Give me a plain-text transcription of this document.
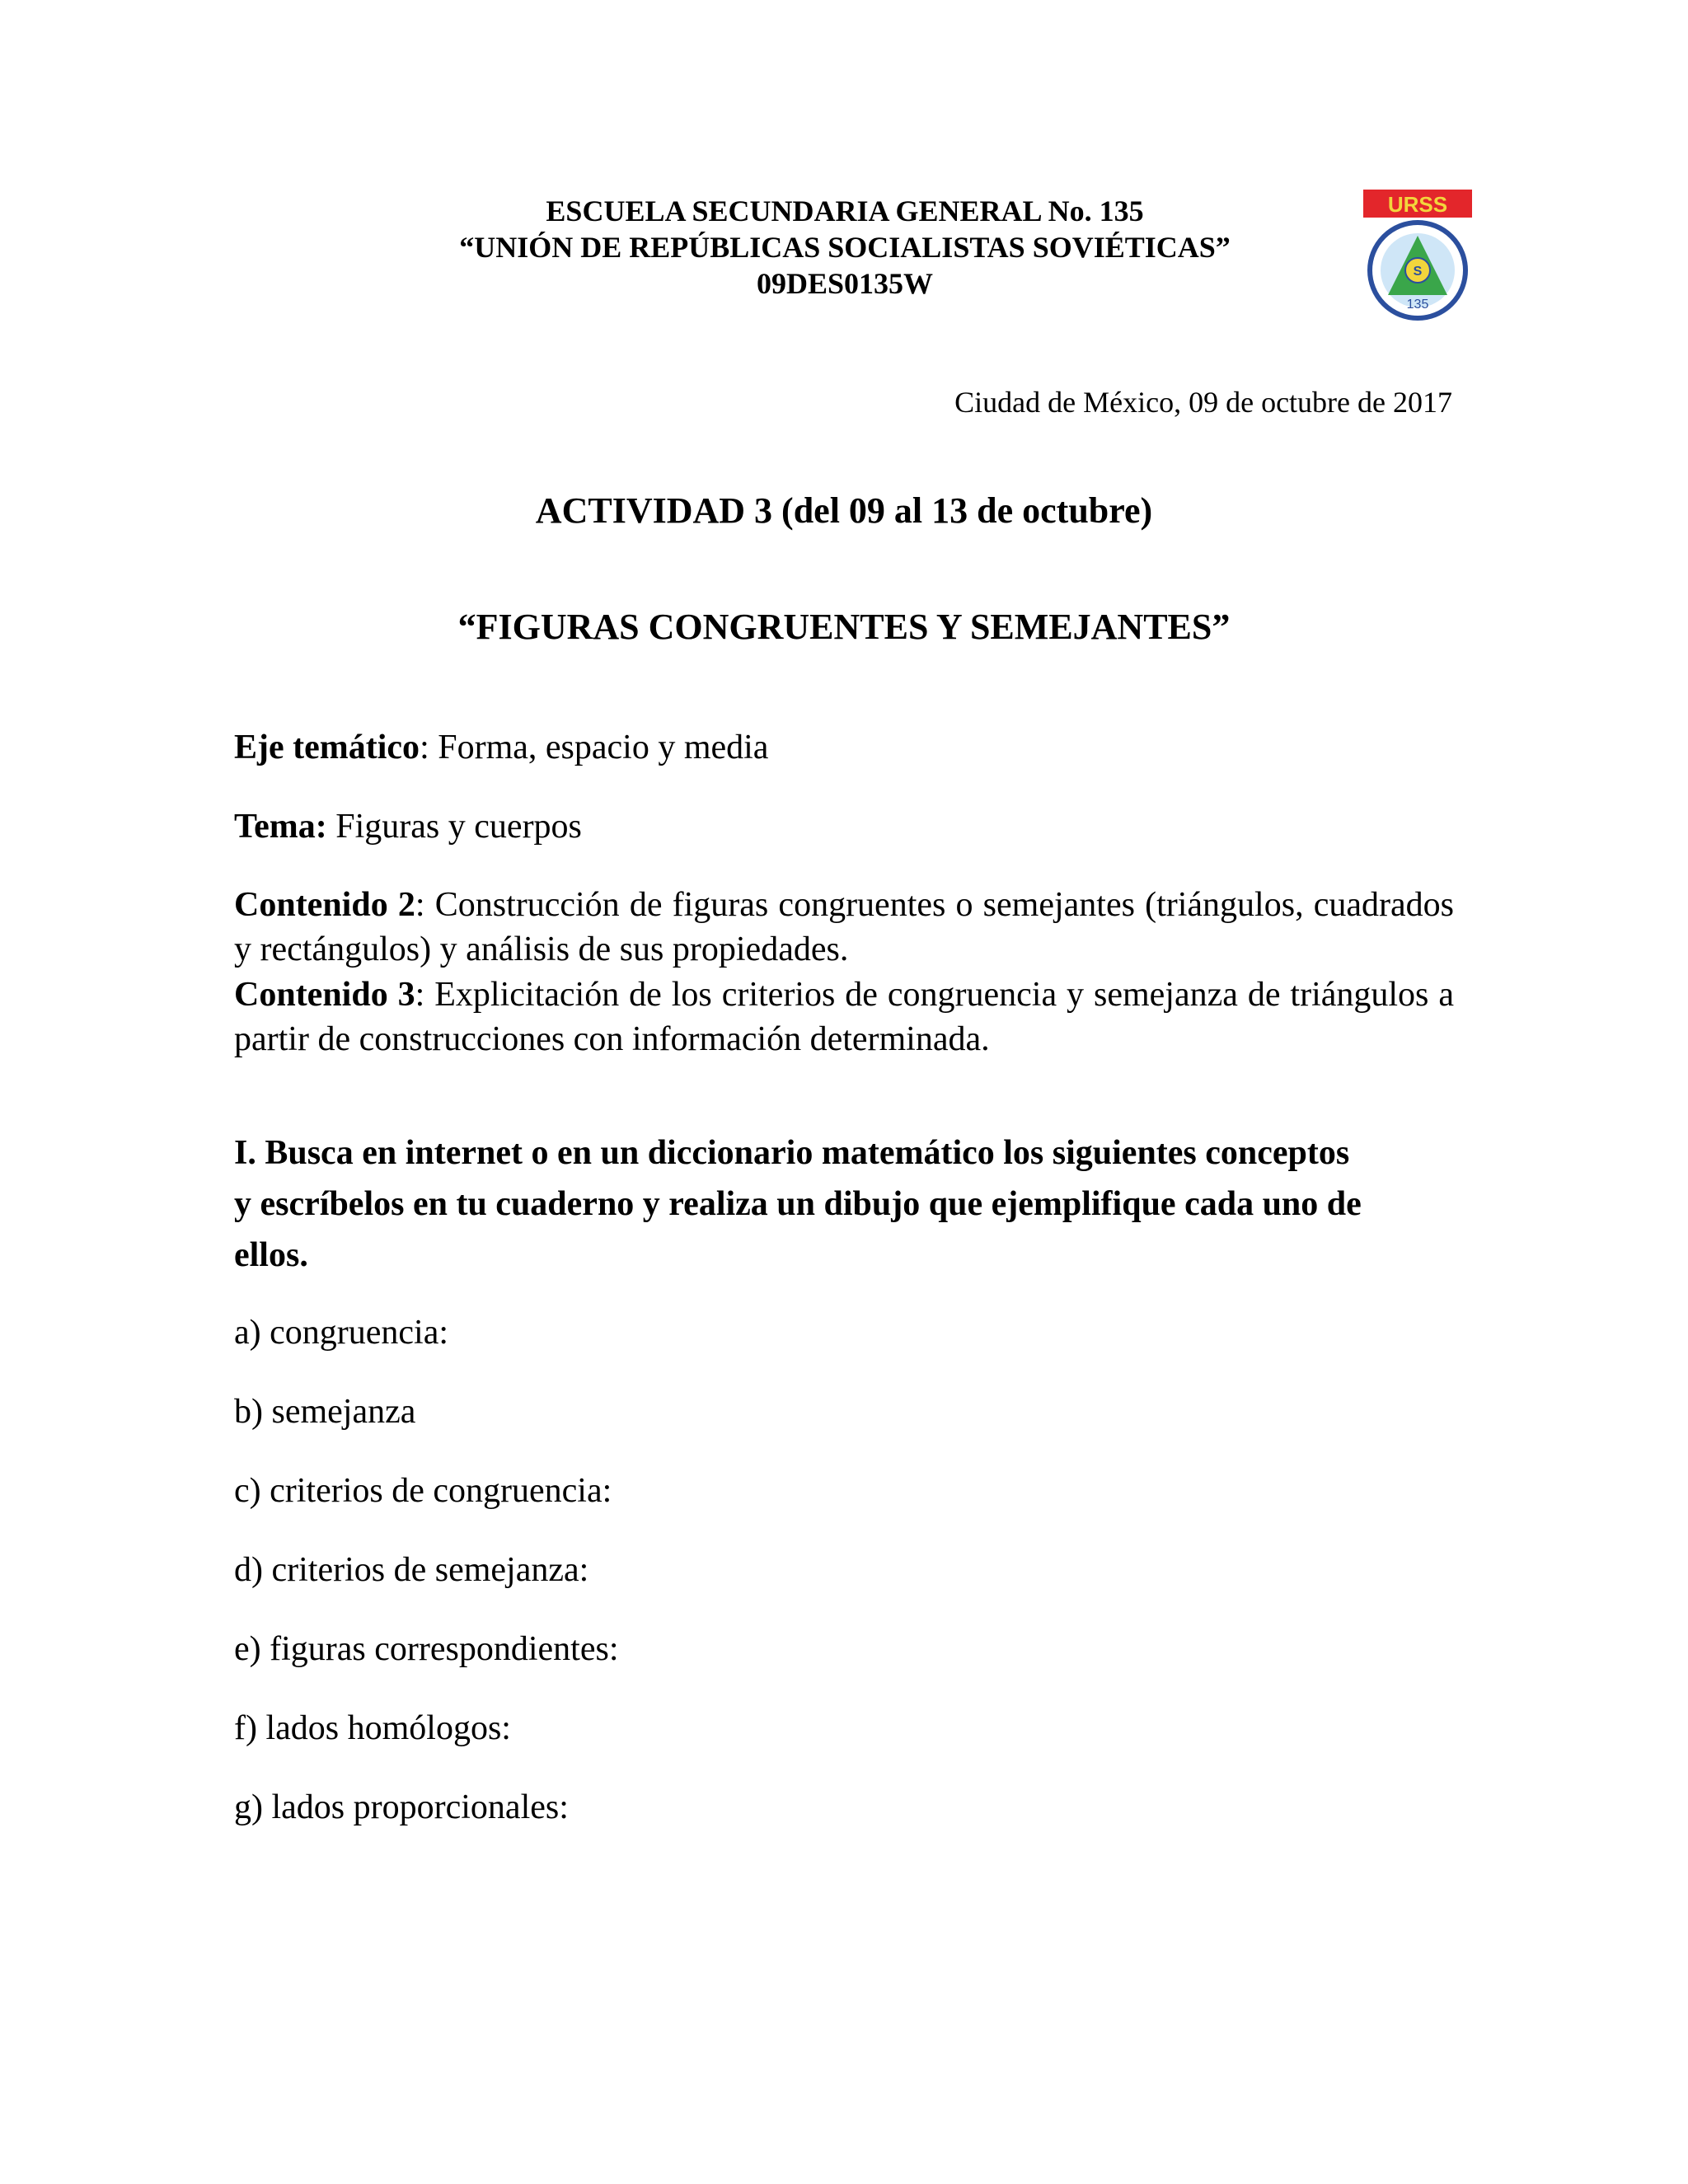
ESCUELA SECUNDARIA GENERAL No. 135
“UNIÓN DE REPÚBLICAS SOCIALISTAS SOVIÉTICAS”
09DES0135W
URSS
S
135
Ciudad de México, 09 de octubre de 2017
ACTIVIDAD 3 (del 09 al 13 de octubre)
“FIGURAS CONGRUENTES Y SEMEJANTES”
Eje temático: Forma, espacio y media
Tema: Figuras y cuerpos
Contenido 2: Construcción de figuras congruentes o semejantes (triángulos, cuadrados y rectángulos) y análisis de sus propiedades.
Contenido 3: Explicitación de los criterios de congruencia y semejanza de triángulos a partir de construcciones con información determinada.
I. Busca en internet o en un diccionario matemático los siguientes conceptos y escríbelos en tu cuaderno y realiza un dibujo que ejemplifique cada uno de ellos.
a) congruencia:
b) semejanza
c) criterios de congruencia:
d) criterios de semejanza:
e) figuras correspondientes:
f) lados homólogos:
g) lados proporcionales:
